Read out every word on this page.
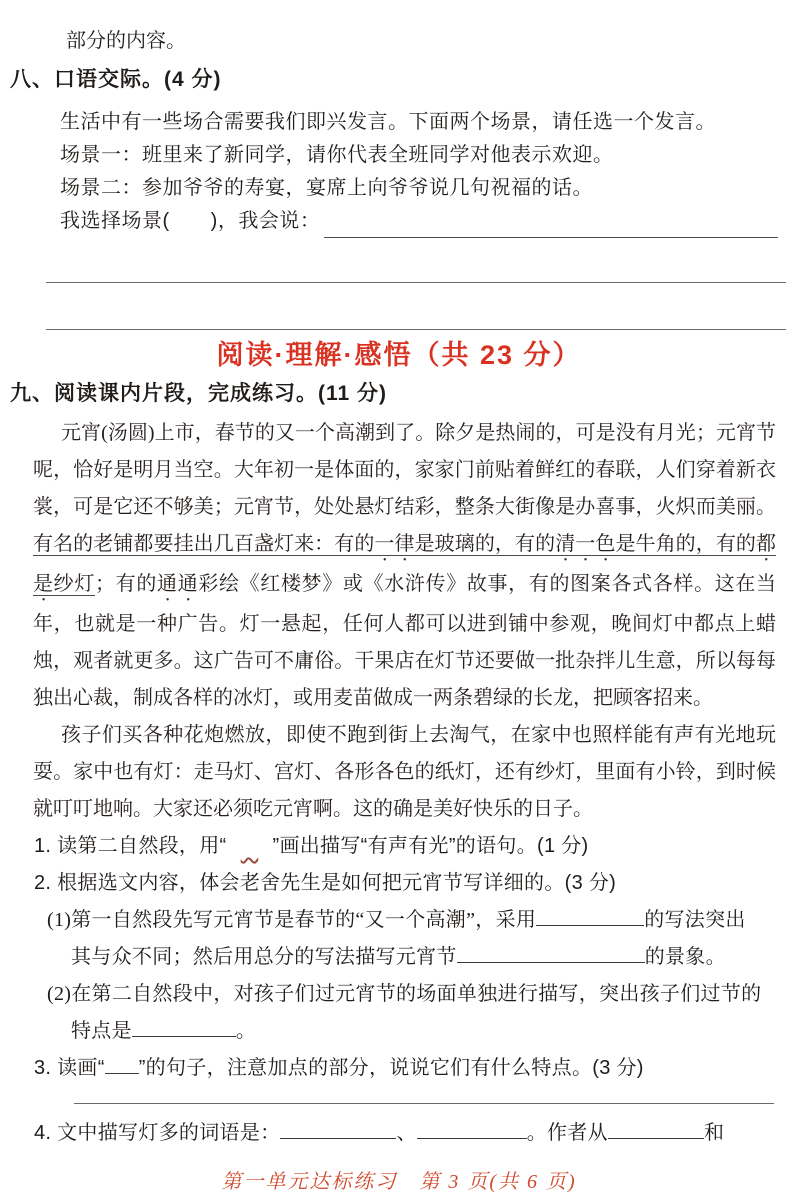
部分的内容。
八、口语交际。(4 分)

生活中有一些场合需要我们即兴发言。下面两个场景，请任选一个发言。

场景一：班里来了新同学，请你代表全班同学对他表示欢迎。

场景二：参加爷爷的寿宴，宴席上向爷爷说几句祝福的话。

我选择场景(　　)，我会说：
阅读·理解·感悟（共 23 分）
九、阅读课内片段，完成练习。(11 分)

元宵(汤圆)上市，春节的又一个高潮到了。除夕是热闹的，可是没有月光；元宵节呢，恰好是明月当空。大年初一是体面的，家家门前贴着鲜红的春联，人们穿着新衣裳，可是它还不够美；元宵节，处处悬灯结彩，整条大街像是办喜事，火炽而美丽。有名的老铺都要挂出几百盏灯来：有的一律是玻璃的，有的清一色是牛角的，有的都是纱灯；有的通通彩绘《红楼梦》或《水浒传》故事，有的图案各式各样。这在当年，也就是一种广告。灯一悬起，任何人都可以进到铺中参观，晚间灯中都点上蜡烛，观者就更多。这广告可不庸俗。干果店在灯节还要做一批杂拌儿生意，所以每每独出心裁，制成各样的冰灯，或用麦苗做成一两条碧绿的长龙，把顾客招来。

孩子们买各种花炮燃放，即使不跑到街上去淘气，在家中也照样能有声有光地玩耍。家中也有灯：走马灯、宫灯、各形各色的纸灯，还有纱灯，里面有小铃，到时候就叮叮地响。大家还必须吃元宵啊。这的确是美好快乐的日子。

1. 读第二自然段，用“ ”画出描写“有声有光”的语句。(1 分)
2. 根据选文内容，体会老舍先生是如何把元宵节写详细的。(3 分)
(1)第一自然段先写元宵节是春节的“又一个高潮”，采用	的写法突出
其与众不同；然后用总分的写法描写元宵节	的景象。
(2)在第二自然段中，对孩子们过元宵节的场面单独进行描写，突出孩子们过节的
特点是	。
3. 读画“ ”的句子，注意加点的部分，说说它们有什么特点。(3 分)
4. 文中描写灯多的词语是：	、	。作者从	和
第一单元达标练习　第 3 页(共 6 页)
